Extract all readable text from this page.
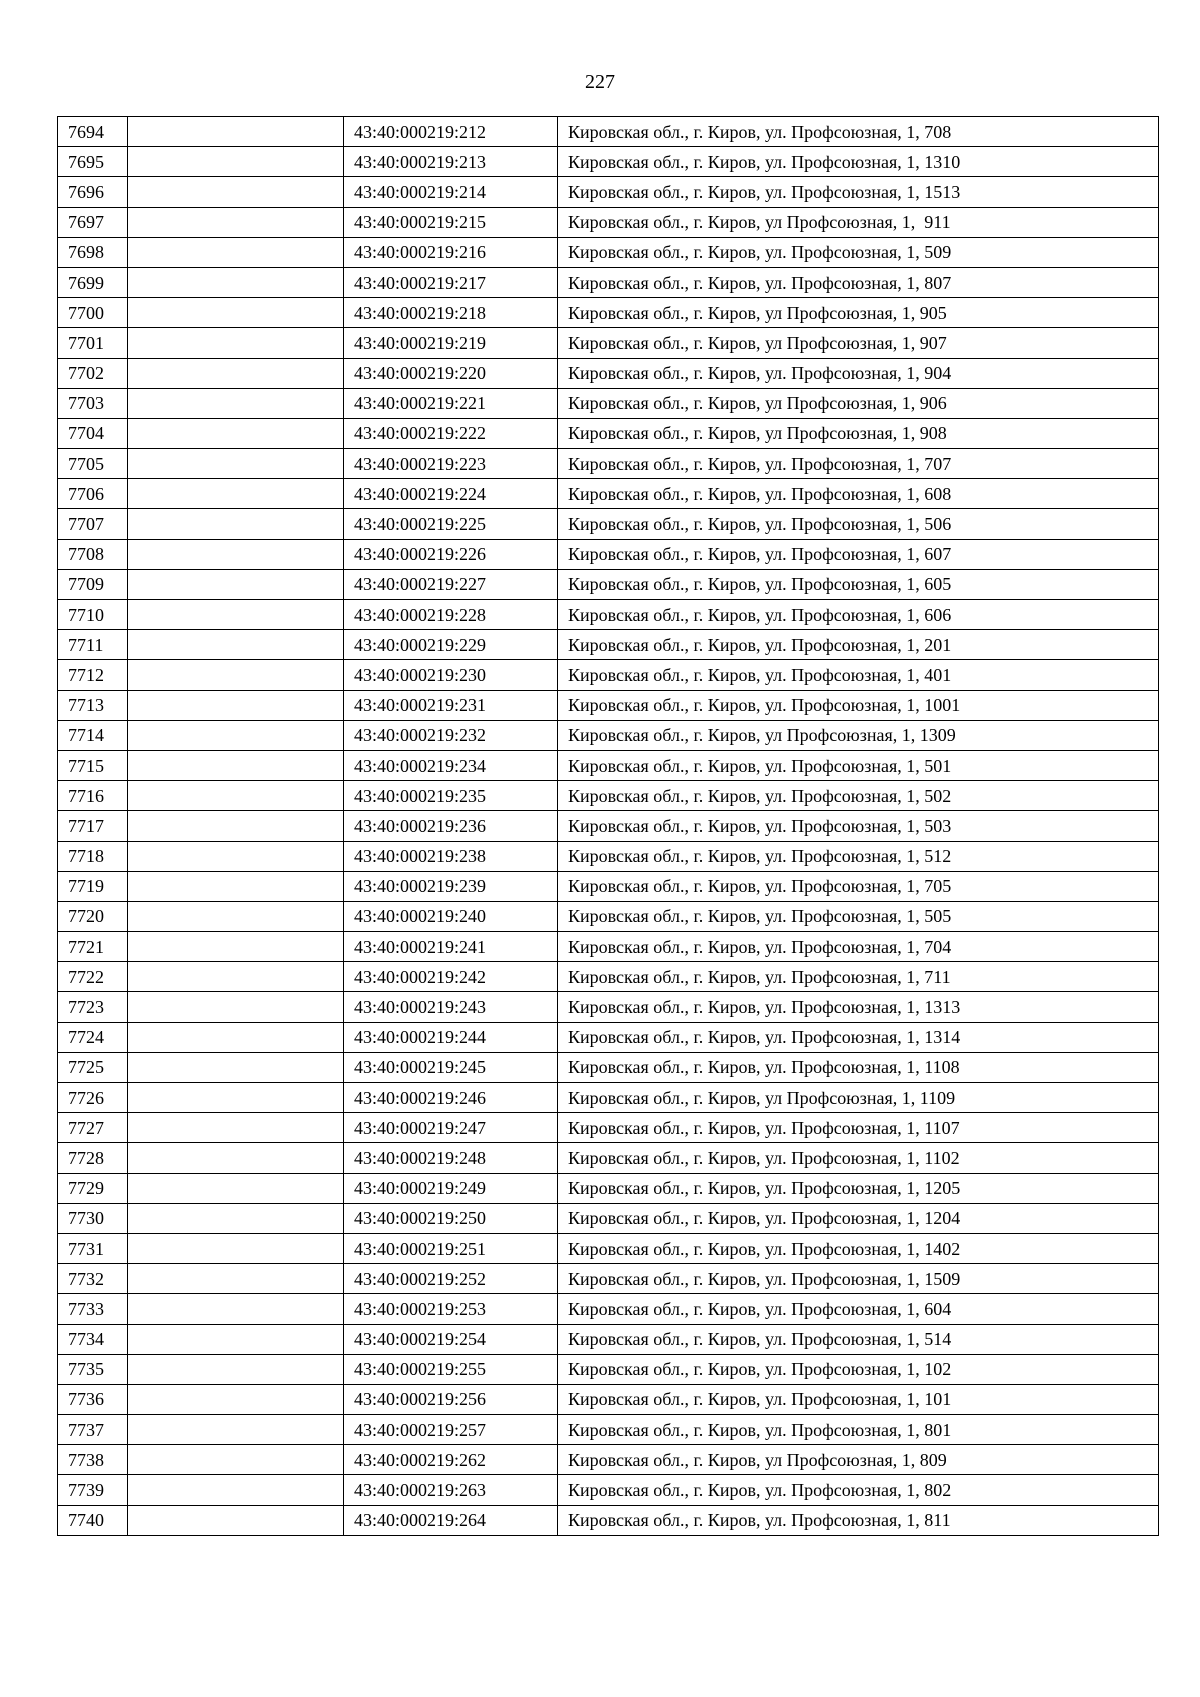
227
7694		43:40:000219:212	Кировская обл., г. Киров, ул. Профсоюзная, 1, 708
7695		43:40:000219:213	Кировская обл., г. Киров, ул. Профсоюзная, 1, 1310
7696		43:40:000219:214	Кировская обл., г. Киров, ул. Профсоюзная, 1, 1513
7697		43:40:000219:215	Кировская обл., г. Киров, ул Профсоюзная, 1,  911
7698		43:40:000219:216	Кировская обл., г. Киров, ул. Профсоюзная, 1, 509
7699		43:40:000219:217	Кировская обл., г. Киров, ул. Профсоюзная, 1, 807
7700		43:40:000219:218	Кировская обл., г. Киров, ул Профсоюзная, 1, 905
7701		43:40:000219:219	Кировская обл., г. Киров, ул Профсоюзная, 1, 907
7702		43:40:000219:220	Кировская обл., г. Киров, ул. Профсоюзная, 1, 904
7703		43:40:000219:221	Кировская обл., г. Киров, ул Профсоюзная, 1, 906
7704		43:40:000219:222	Кировская обл., г. Киров, ул Профсоюзная, 1, 908
7705		43:40:000219:223	Кировская обл., г. Киров, ул. Профсоюзная, 1, 707
7706		43:40:000219:224	Кировская обл., г. Киров, ул. Профсоюзная, 1, 608
7707		43:40:000219:225	Кировская обл., г. Киров, ул. Профсоюзная, 1, 506
7708		43:40:000219:226	Кировская обл., г. Киров, ул. Профсоюзная, 1, 607
7709		43:40:000219:227	Кировская обл., г. Киров, ул. Профсоюзная, 1, 605
7710		43:40:000219:228	Кировская обл., г. Киров, ул. Профсоюзная, 1, 606
7711		43:40:000219:229	Кировская обл., г. Киров, ул. Профсоюзная, 1, 201
7712		43:40:000219:230	Кировская обл., г. Киров, ул. Профсоюзная, 1, 401
7713		43:40:000219:231	Кировская обл., г. Киров, ул. Профсоюзная, 1, 1001
7714		43:40:000219:232	Кировская обл., г. Киров, ул Профсоюзная, 1, 1309
7715		43:40:000219:234	Кировская обл., г. Киров, ул. Профсоюзная, 1, 501
7716		43:40:000219:235	Кировская обл., г. Киров, ул. Профсоюзная, 1, 502
7717		43:40:000219:236	Кировская обл., г. Киров, ул. Профсоюзная, 1, 503
7718		43:40:000219:238	Кировская обл., г. Киров, ул. Профсоюзная, 1, 512
7719		43:40:000219:239	Кировская обл., г. Киров, ул. Профсоюзная, 1, 705
7720		43:40:000219:240	Кировская обл., г. Киров, ул. Профсоюзная, 1, 505
7721		43:40:000219:241	Кировская обл., г. Киров, ул. Профсоюзная, 1, 704
7722		43:40:000219:242	Кировская обл., г. Киров, ул. Профсоюзная, 1, 711
7723		43:40:000219:243	Кировская обл., г. Киров, ул. Профсоюзная, 1, 1313
7724		43:40:000219:244	Кировская обл., г. Киров, ул. Профсоюзная, 1, 1314
7725		43:40:000219:245	Кировская обл., г. Киров, ул. Профсоюзная, 1, 1108
7726		43:40:000219:246	Кировская обл., г. Киров, ул Профсоюзная, 1, 1109
7727		43:40:000219:247	Кировская обл., г. Киров, ул. Профсоюзная, 1, 1107
7728		43:40:000219:248	Кировская обл., г. Киров, ул. Профсоюзная, 1, 1102
7729		43:40:000219:249	Кировская обл., г. Киров, ул. Профсоюзная, 1, 1205
7730		43:40:000219:250	Кировская обл., г. Киров, ул. Профсоюзная, 1, 1204
7731		43:40:000219:251	Кировская обл., г. Киров, ул. Профсоюзная, 1, 1402
7732		43:40:000219:252	Кировская обл., г. Киров, ул. Профсоюзная, 1, 1509
7733		43:40:000219:253	Кировская обл., г. Киров, ул. Профсоюзная, 1, 604
7734		43:40:000219:254	Кировская обл., г. Киров, ул. Профсоюзная, 1, 514
7735		43:40:000219:255	Кировская обл., г. Киров, ул. Профсоюзная, 1, 102
7736		43:40:000219:256	Кировская обл., г. Киров, ул. Профсоюзная, 1, 101
7737		43:40:000219:257	Кировская обл., г. Киров, ул. Профсоюзная, 1, 801
7738		43:40:000219:262	Кировская обл., г. Киров, ул Профсоюзная, 1, 809
7739		43:40:000219:263	Кировская обл., г. Киров, ул. Профсоюзная, 1, 802
7740		43:40:000219:264	Кировская обл., г. Киров, ул. Профсоюзная, 1, 811
